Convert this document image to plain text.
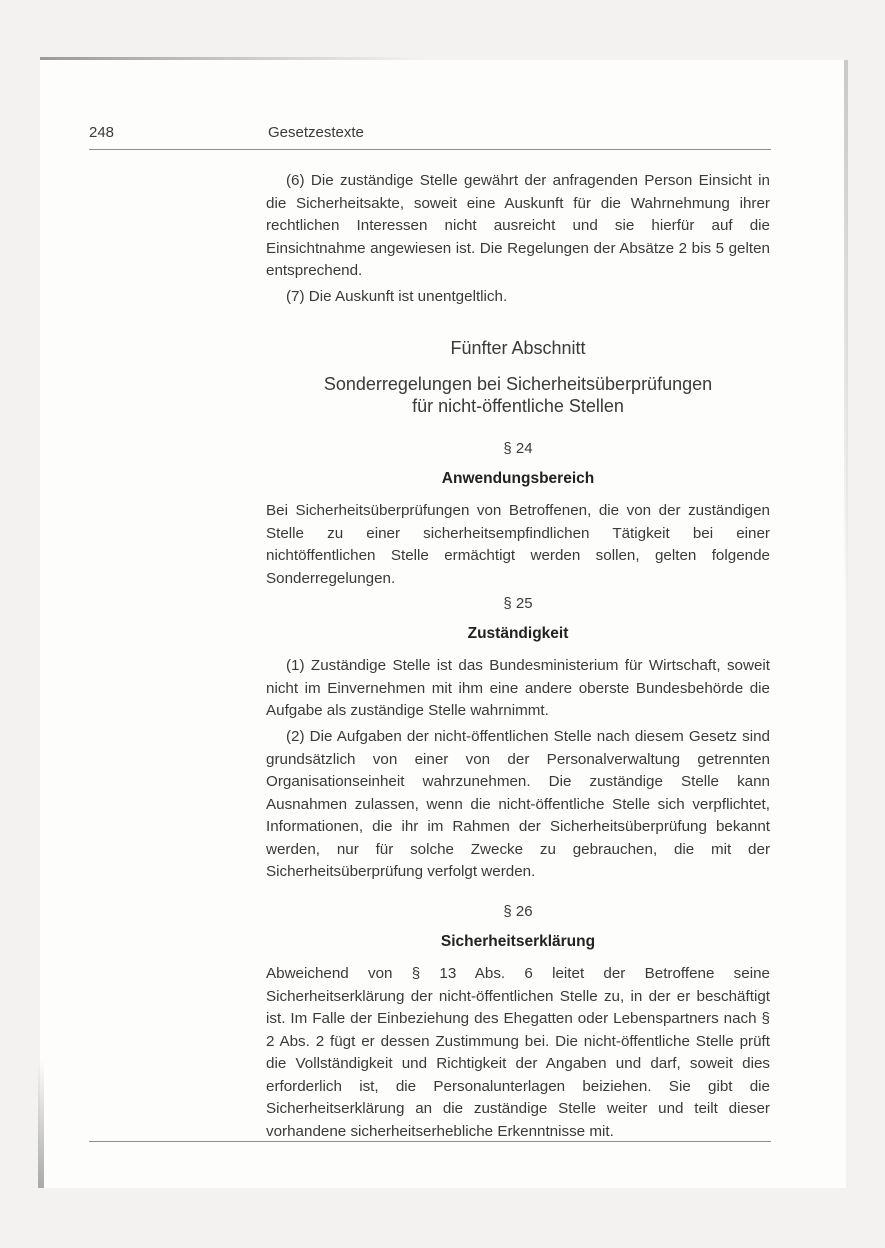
248	Gesetzestexte
(6) Die zuständige Stelle gewährt der anfragenden Person Einsicht in die Sicherheitsakte, soweit eine Auskunft für die Wahrnehmung ihrer rechtlichen Interessen nicht ausreicht und sie hierfür auf die Einsichtnahme angewiesen ist. Die Regelungen der Absätze 2 bis 5 gelten entsprechend.
(7) Die Auskunft ist unentgeltlich.
Fünfter Abschnitt
Sonderregelungen bei Sicherheitsüberprüfungen
für nicht-öffentliche Stellen
§ 24
Anwendungsbereich
Bei Sicherheitsüberprüfungen von Betroffenen, die von der zuständigen Stelle zu einer sicherheitsempfindlichen Tätigkeit bei einer nichtöffentlichen Stelle ermächtigt werden sollen, gelten folgende Sonderregelungen.
§ 25
Zuständigkeit
(1) Zuständige Stelle ist das Bundesministerium für Wirtschaft, soweit nicht im Einvernehmen mit ihm eine andere oberste Bundesbehörde die Aufgabe als zuständige Stelle wahrnimmt.
(2) Die Aufgaben der nicht-öffentlichen Stelle nach diesem Gesetz sind grundsätzlich von einer von der Personalverwaltung getrennten Organisationseinheit wahrzunehmen. Die zuständige Stelle kann Ausnahmen zulassen, wenn die nicht-öffentliche Stelle sich verpflichtet, Informationen, die ihr im Rahmen der Sicherheitsüberprüfung bekannt werden, nur für solche Zwecke zu gebrauchen, die mit der Sicherheitsüberprüfung verfolgt werden.
§ 26
Sicherheitserklärung
Abweichend von § 13 Abs. 6 leitet der Betroffene seine Sicherheitserklärung der nicht-öffentlichen Stelle zu, in der er beschäftigt ist. Im Falle der Einbeziehung des Ehegatten oder Lebenspartners nach § 2 Abs. 2 fügt er dessen Zustimmung bei. Die nicht-öffentliche Stelle prüft die Vollständigkeit und Richtigkeit der Angaben und darf, soweit dies erforderlich ist, die Personalunterlagen beiziehen. Sie gibt die Sicherheitserklärung an die zuständige Stelle weiter und teilt dieser vorhandene sicherheitserhebliche Erkenntnisse mit.
